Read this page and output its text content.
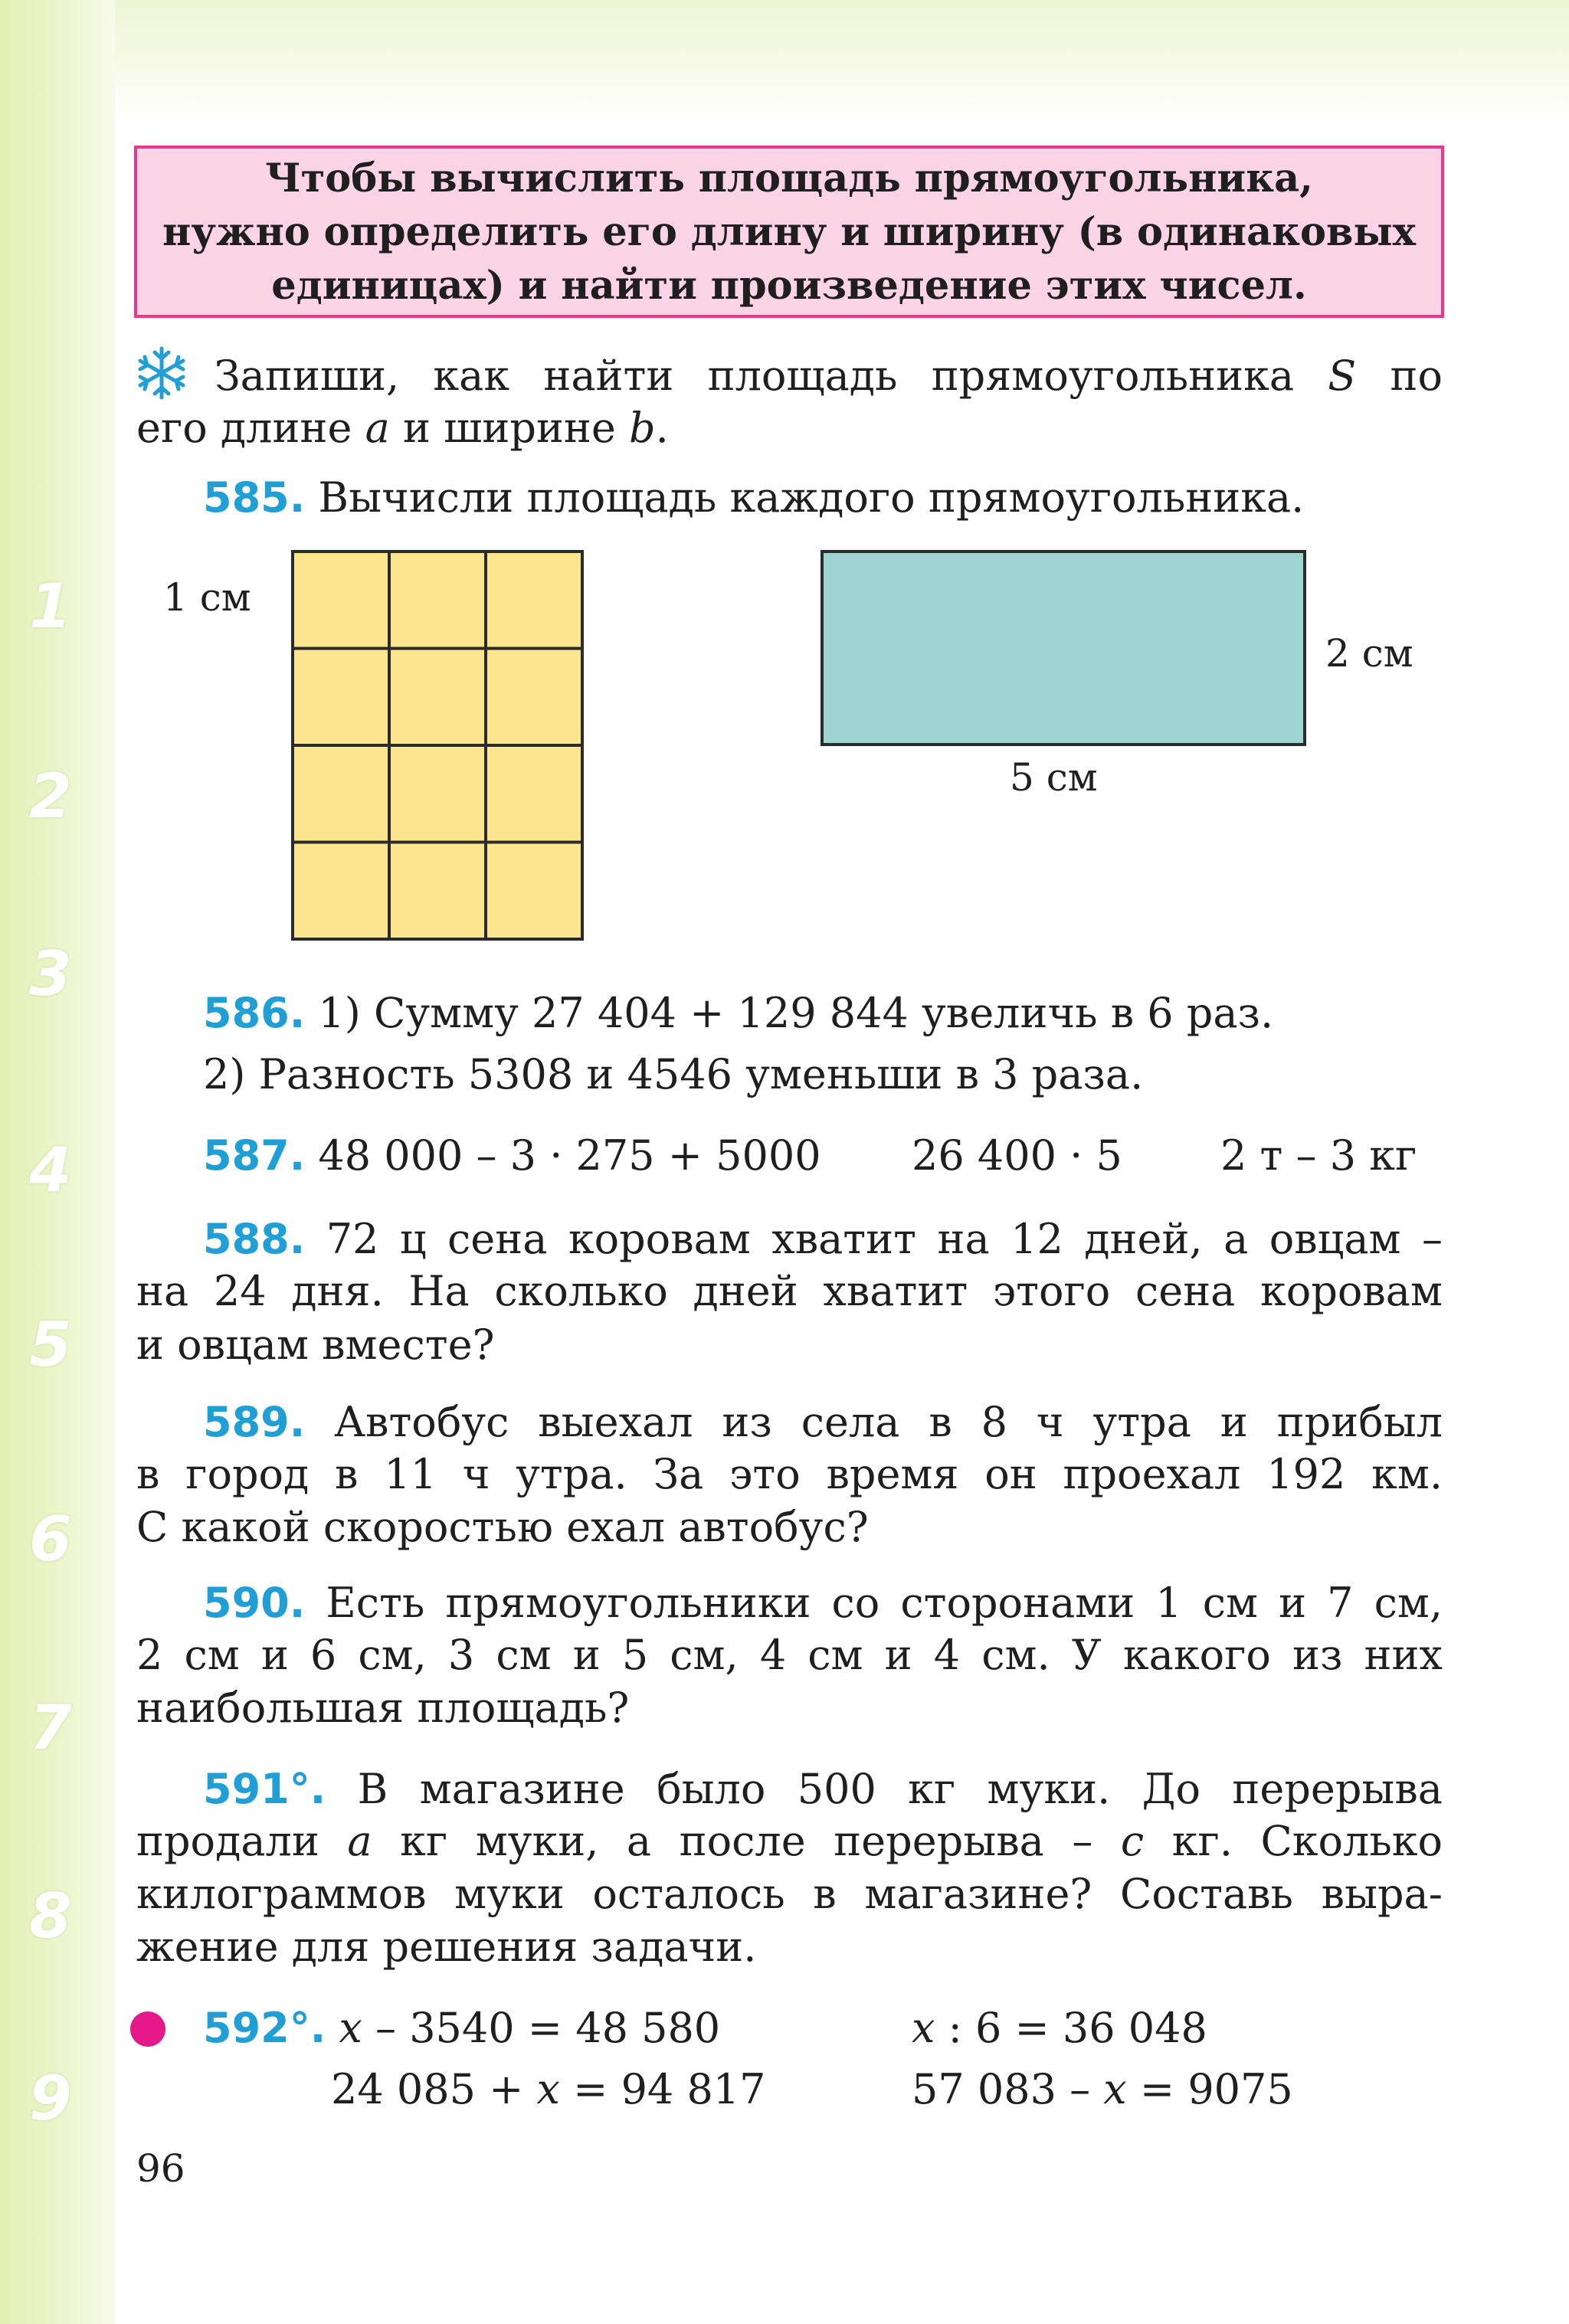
1
2
3
4
5
6
7
8
9
Чтобы вычислить площадь прямоугольника,
нужно определить его длину и ширину (в одинаковых
единицах) и найти произведение этих чисел.
Запиши, как найти площадь прямоугольника S по
его длине a и ширине b.
585. Вычисли площадь каждого прямоугольника.
1 см
2 см
5 см
586. 1) Сумму 27 404 + 129 844 увеличь в 6 раз.
2) Разность 5308 и 4546 уменьши в 3 раза.
587. 48 000 – 3 · 275 + 5000	26 400 · 5 2 т – 3 кг
588. 72 ц сена коровам хватит на 12 дней, а овцам –
на 24 дня. На сколько дней хватит этого сена коровам
и овцам вместе?
589. Автобус выехал из села в 8 ч утра и прибыл
в город в 11 ч утра. За это время он проехал 192 км.
С какой скоростью ехал автобус?
590. Есть прямоугольники со сторонами 1 см и 7 см,
2 см и 6 см, 3 см и 5 см, 4 см и 4 см. У какого из них
наибольшая площадь?
591°. В магазине было 500 кг муки. До перерыва
продали a кг муки, а после перерыва – c кг. Сколько
килограммов муки осталось в магазине? Составь выра-
жение для решения задачи.
592°. x – 3540 = 48 580	x : 6 = 36 048
24 085 + x = 94 817	57 083 – x = 9075
96
